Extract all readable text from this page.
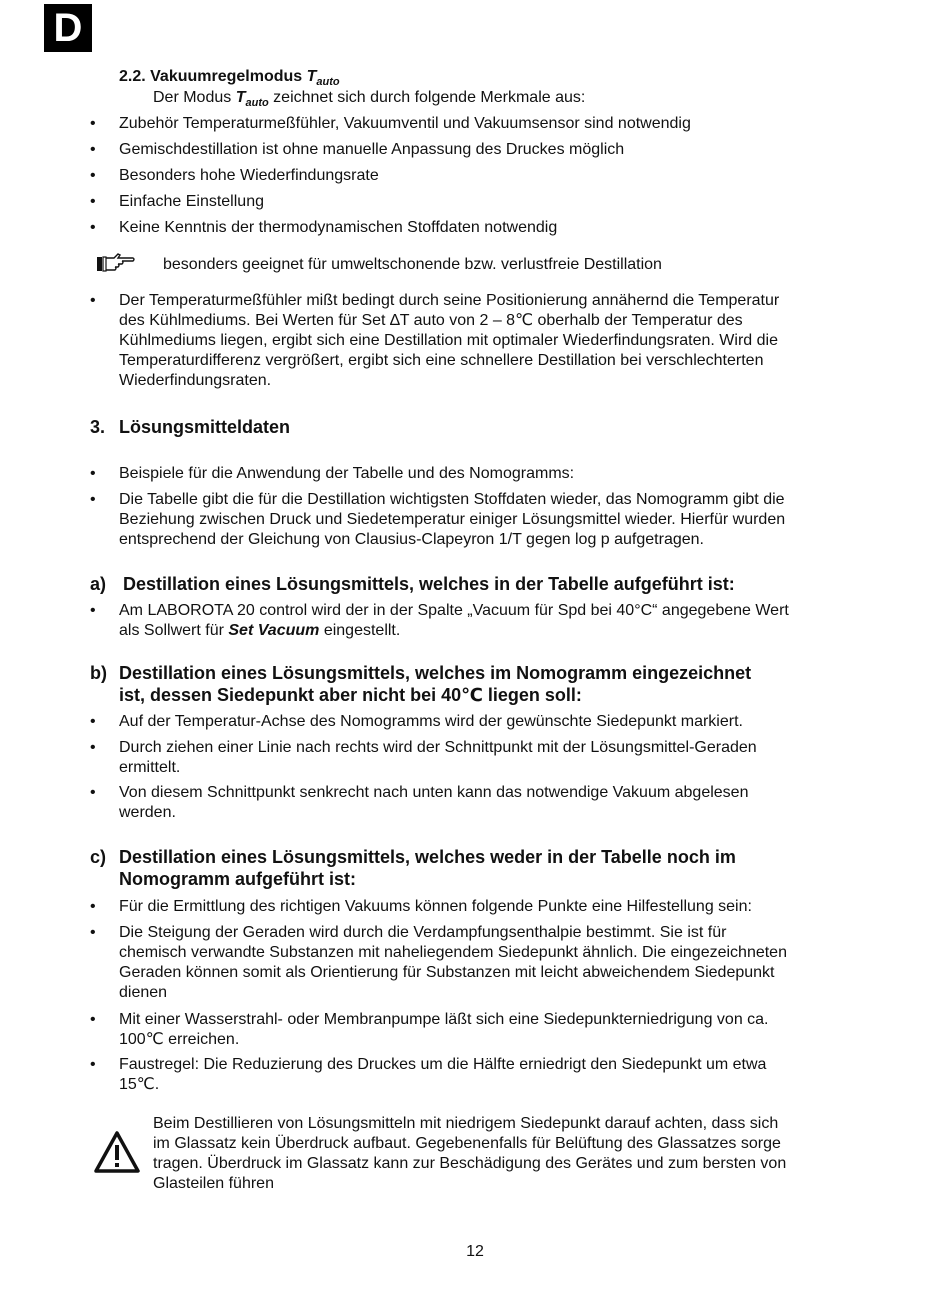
D
2.2. Vakuumregelmodus $T_{auto}$
Der Modus $T_{auto}$ zeichnet sich durch folgende Merkmale aus:
•
Zubehör Temperaturmeßfühler, Vakuumventil und Vakuumsensor sind notwendig
•
Gemischdestillation ist ohne manuelle Anpassung des Druckes möglich
•
Besonders hohe Wiederfindungsrate
•
Einfache Einstellung
•
Keine Kenntnis der thermodynamischen Stoffdaten notwendig
besonders geeignet für umweltschonende bzw. verlustfreie Destillation
•
Der Temperaturmeßfühler mißt bedingt durch seine Positionierung annähernd die Temperatur
des Kühlmediums. Bei Werten für Set ∆T auto von 2 – 8℃ oberhalb der Temperatur des
Kühlmediums liegen, ergibt sich eine Destillation mit optimaler Wiederfindungsraten. Wird die
Temperaturdifferenz vergrößert, ergibt sich eine schnellere Destillation bei verschlechterten
Wiederfindungsraten.
3. Lösungsmitteldaten
•
Beispiele für die Anwendung der Tabelle und des Nomogramms:
•
Die Tabelle gibt die für die Destillation wichtigsten Stoffdaten wieder, das Nomogramm gibt die
Beziehung zwischen Druck und Siedetemperatur einiger Lösungsmittel wieder. Hierfür wurden
entsprechend der Gleichung von Clausius-Clapeyron 1/T gegen log p aufgetragen.
a) Destillation eines Lösungsmittels, welches in der Tabelle aufgeführt ist:
•
Am LABOROTA 20 control wird der in der Spalte „Vacuum für Spd bei 40°C“ angegebene Wert
als Sollwert für Set Vacuum eingestellt.
b) Destillation eines Lösungsmittels, welches im Nomogramm eingezeichnet
ist, dessen Siedepunkt aber nicht bei 40℃ liegen soll:
•
Auf der Temperatur-Achse des Nomogramms wird der gewünschte Siedepunkt markiert.
•
Durch ziehen einer Linie nach rechts wird der Schnittpunkt mit der Lösungsmittel-Geraden
ermittelt.
•
Von diesem Schnittpunkt senkrecht nach unten kann das notwendige Vakuum abgelesen
werden.
c) Destillation eines Lösungsmittels, welches weder in der Tabelle noch im
Nomogramm aufgeführt ist:
•
Für die Ermittlung des richtigen Vakuums können folgende Punkte eine Hilfestellung sein:
•
Die Steigung der Geraden wird durch die Verdampfungsenthalpie bestimmt. Sie ist für
chemisch verwandte Substanzen mit naheliegendem Siedepunkt ähnlich. Die eingezeichneten
Geraden können somit als Orientierung für Substanzen mit leicht abweichendem Siedepunkt
dienen
•
Mit einer Wasserstrahl- oder Membranpumpe läßt sich eine Siedepunkterniedrigung von ca.
100℃ erreichen.
•
Faustregel: Die Reduzierung des Druckes um die Hälfte erniedrigt den Siedepunkt um etwa
15℃.
Beim Destillieren von Lösungsmitteln mit niedrigem Siedepunkt darauf achten, dass sich
im Glassatz kein Überdruck aufbaut. Gegebenenfalls für Belüftung des Glassatzes sorge
tragen. Überdruck im Glassatz kann zur Beschädigung des Gerätes und zum bersten von
Glasteilen führen
12
